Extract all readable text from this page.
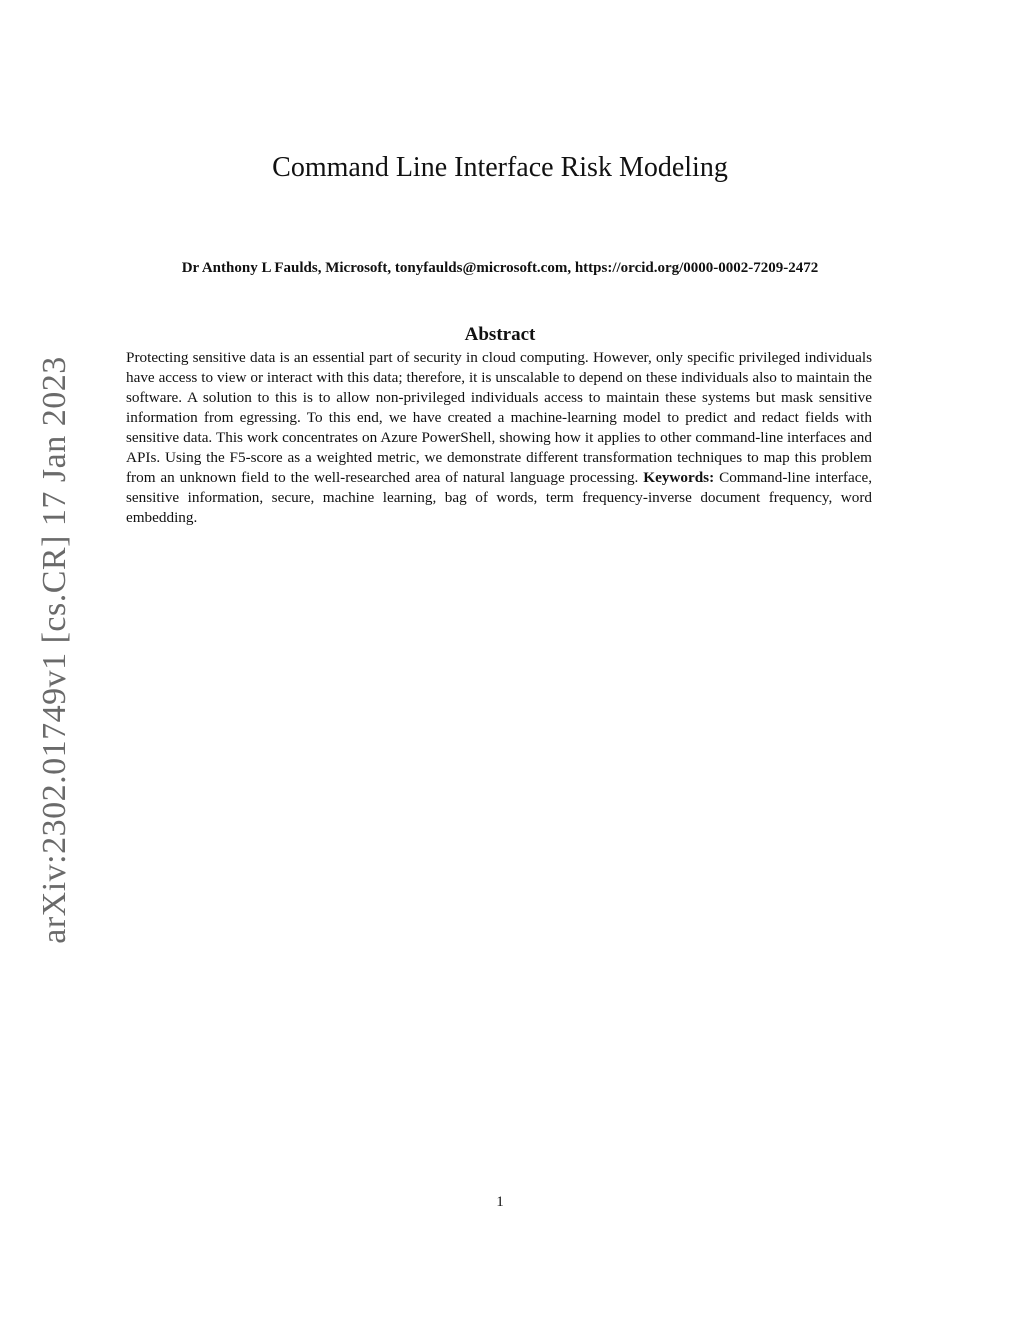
arXiv:2302.01749v1 [cs.CR] 17 Jan 2023
Command Line Interface Risk Modeling
Dr Anthony L Faulds, Microsoft, tonyfaulds@microsoft.com, https://orcid.org/0000-0002-7209-2472
Abstract

Protecting sensitive data is an essential part of security in cloud computing. However, only specific privileged individuals have access to view or interact with this data; therefore, it is unscalable to depend on these individuals also to maintain the software. A solution to this is to allow non-privileged individuals access to maintain these systems but mask sensitive information from egressing. To this end, we have created a machine-learning model to predict and redact fields with sensitive data. This work concentrates on Azure PowerShell, showing how it applies to other command-line interfaces and APIs. Using the F5-score as a weighted metric, we demonstrate different transformation techniques to map this problem from an unknown field to the well-researched area of natural language processing. Keywords: Command-line interface, sensitive information, secure, machine learning, bag of words, term frequency-inverse document frequency, word embedding.

1
